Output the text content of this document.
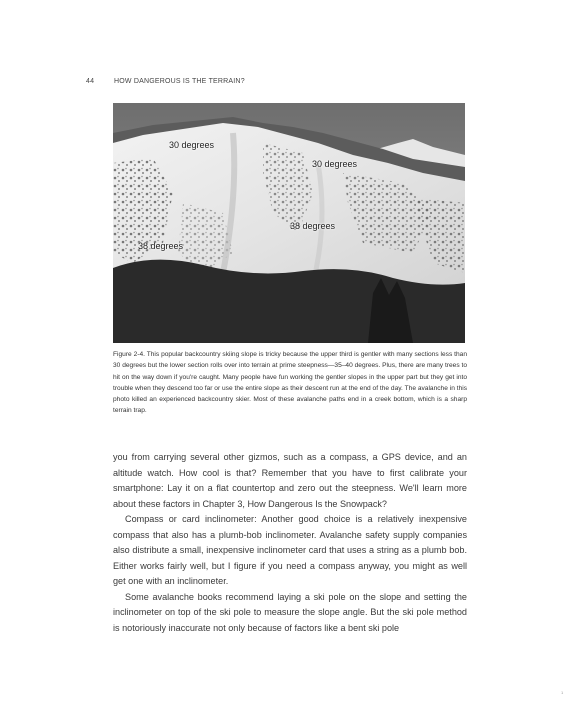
44	HOW DANGEROUS IS THE TERRAIN?
30 degrees
30 degrees
38 degrees
38 degrees
Figure 2-4. This popular backcountry skiing slope is tricky because the upper third is gentler with many sections less than 30 degrees but the lower section rolls over into terrain at prime steepness—35–40 degrees. Plus, there are many trees to hit on the way down if you're caught. Many people have fun working the gentler slopes in the upper part but they get into trouble when they descend too far or use the entire slope as their descent run at the end of the day. The avalanche in this photo killed an experienced backcountry skier. Most of these avalanche paths end in a creek bottom, which is a sharp terrain trap.

you from carrying several other gizmos, such as a compass, a GPS device, and an altitude watch. How cool is that? Remember that you have to first calibrate your smartphone: Lay it on a flat countertop and zero out the steepness. We'll learn more about these factors in Chapter 3, How Dangerous Is the Snowpack?

Compass or card inclinometer: Another good choice is a relatively inexpensive compass that also has a plumb-bob inclinometer. Avalanche safety supply companies also distribute a small, inexpensive inclinometer card that uses a string as a plumb bob. Either works fairly well, but I figure if you need a compass anyway, you might as well get one with an inclinometer.

Some avalanche books recommend laying a ski pole on the slope and setting the inclinometer on top of the ski pole to measure the slope angle. But the ski pole method is notoriously inaccurate not only because of factors like a bent ski pole

1
